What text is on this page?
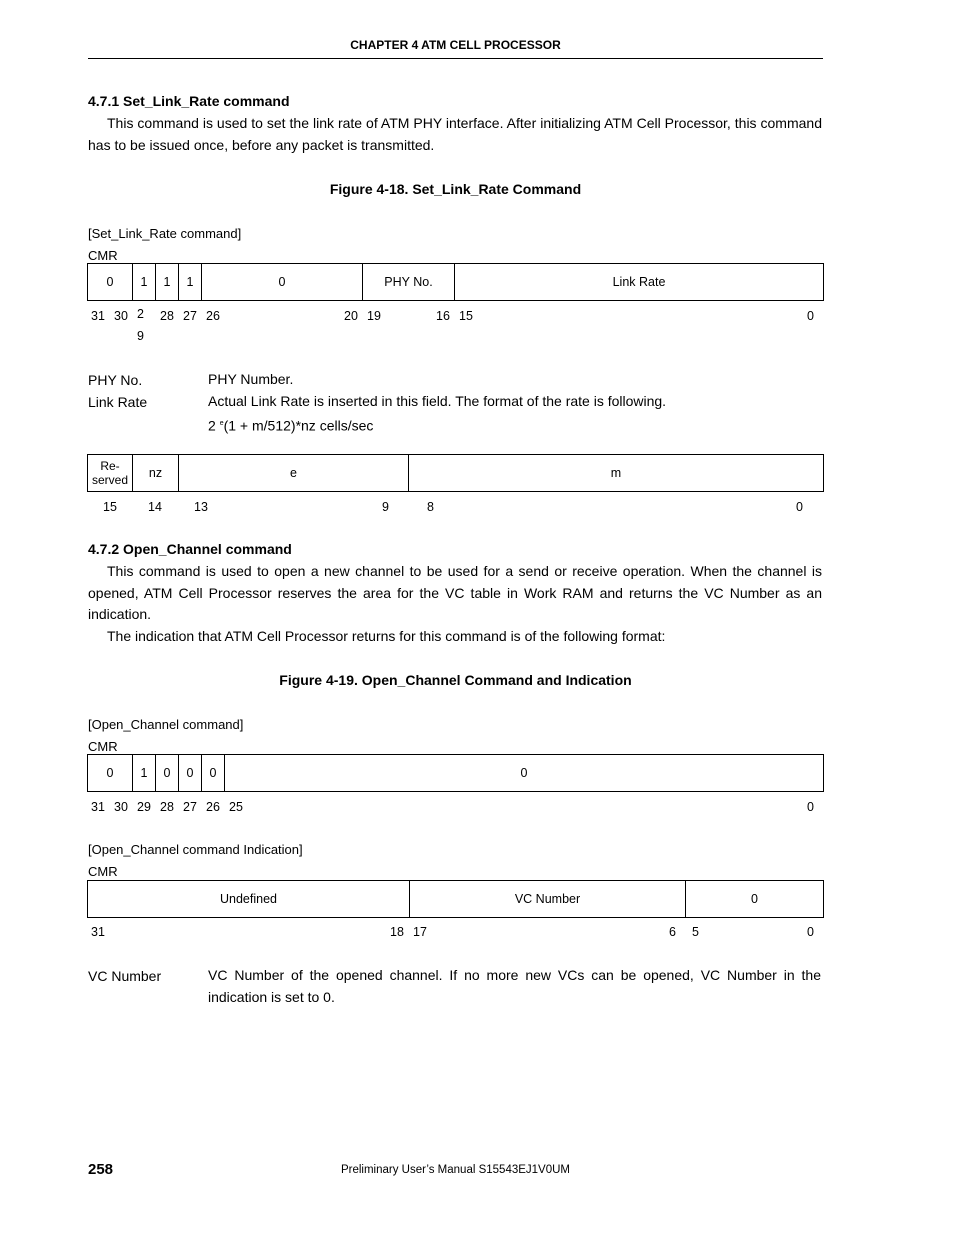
CHAPTER 4 ATM CELL PROCESSOR
4.7.1 Set_Link_Rate command
This command is used to set the link rate of ATM PHY interface. After initializing ATM Cell Processor, this command has to be issued once, before any packet is transmitted.
Figure 4-18. Set_Link_Rate Command
[Set_Link_Rate command]
CMR
0	1	1	1	0	PHY No.	Link Rate
31 30 2
9
28 27 26	20 19	16 15	0
PHY No.	PHY Number.
Link Rate	Actual Link Rate is inserted in this field. The format of the rate is following.
2 $^e$(1 + m/512)*nz cells/sec
Re-
served	nz	e	m
15 14	13	9	8	0
4.7.2 Open_Channel command
This command is used to open a new channel to be used for a send or receive operation. When the channel is opened, ATM Cell Processor reserves the area for the VC table in Work RAM and returns the VC Number as an indication.
The indication that ATM Cell Processor returns for this command is of the following format:
Figure 4-19. Open_Channel Command and Indication
[Open_Channel command]
CMR
0	1	0	0	0	0
31 30 29 28 27 26 25	0
[Open_Channel command Indication]
CMR
Undefined	VC Number	0
31	18 17	6 5	0
VC Number	VC Number of the opened channel. If no more new VCs can be opened, VC Number in the indication is set to 0.
258	Preliminary User’s Manual S15543EJ1V0UM
